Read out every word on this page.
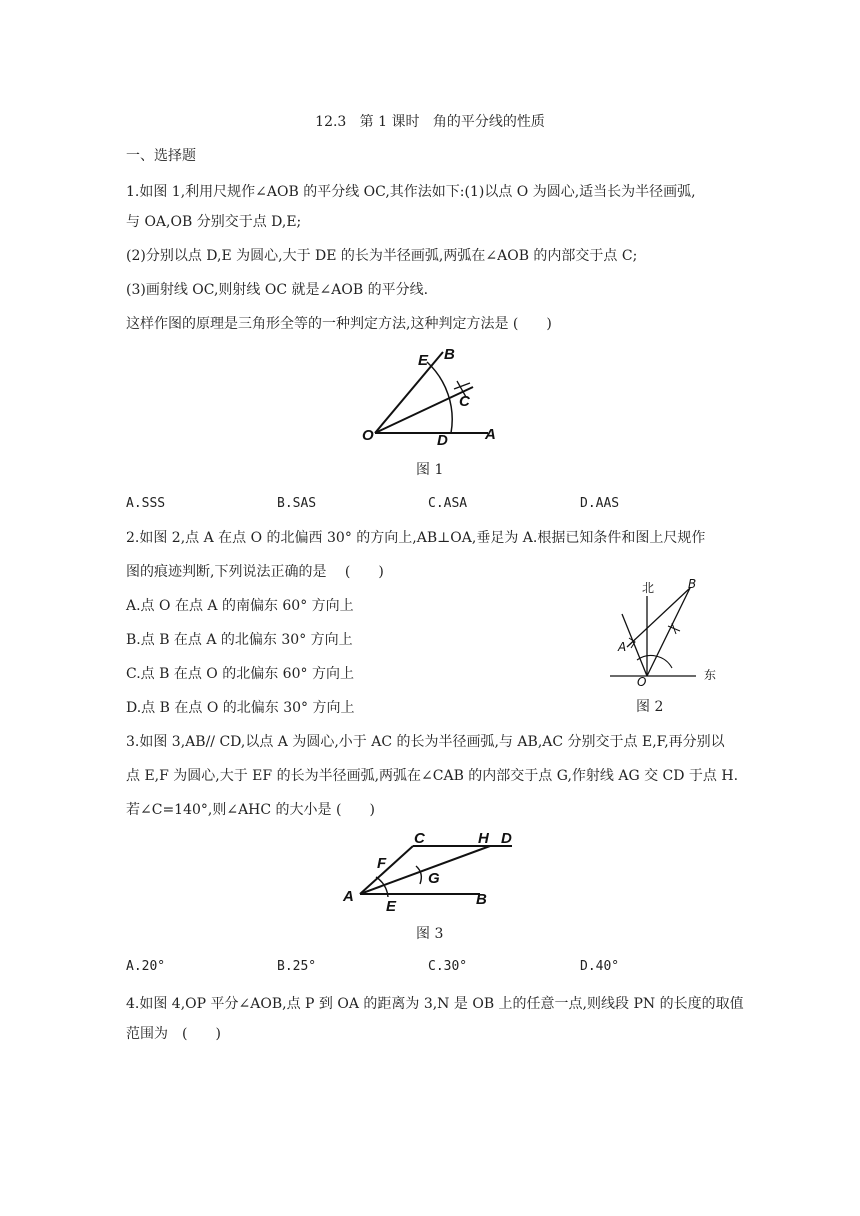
12.3   第 1 课时   角的平分线的性质
一、选择题
1.如图 1,利用尺规作∠AOB 的平分线 OC,其作法如下:(1)以点 O 为圆心,适当长为半径画弧,
与 OA,OB 分别交于点 D,E;
(2)分别以点 D,E 为圆心,大于 DE 的长为半径画弧,两弧在∠AOB 的内部交于点 C;
(3)画射线 OC,则射线 OC 就是∠AOB 的平分线.
这样作图的原理是三角形全等的一种判定方法,这种判定方法是 (　　)
O	A
B
C
D
E
图 1
A.SSS	B.SAS	C.ASA	D.AAS
2.如图 2,点 A 在点 O 的北偏西 30° 的方向上,AB⊥OA,垂足为 A.根据已知条件和图上尺规作
图的痕迹判断,下列说法正确的是　 (　　)
A.点 O 在点 A 的南偏东 60° 方向上
B.点 B 在点 A 的北偏东 30° 方向上
C.点 B 在点 O 的北偏东 60° 方向上
D.点 B 在点 O 的北偏东 30° 方向上
北
东
O
A
B
图 2
3.如图 3,AB// CD,以点 A 为圆心,小于 AC 的长为半径画弧,与 AB,AC 分别交于点 E,F,再分别以
点 E,F 为圆心,大于 EF 的长为半径画弧,两弧在∠CAB 的内部交于点 G,作射线 AG 交 CD 于点 H.
若∠C=140°,则∠AHC 的大小是 (　　)
A	B
C	D
E
F
G
H
图 3
A.20°	B.25°	C.30°	D.40°
4.如图 4,OP 平分∠AOB,点 P 到 OA 的距离为 3,N 是 OB 上的任意一点,则线段 PN 的长度的取值
范围为　(　　)
